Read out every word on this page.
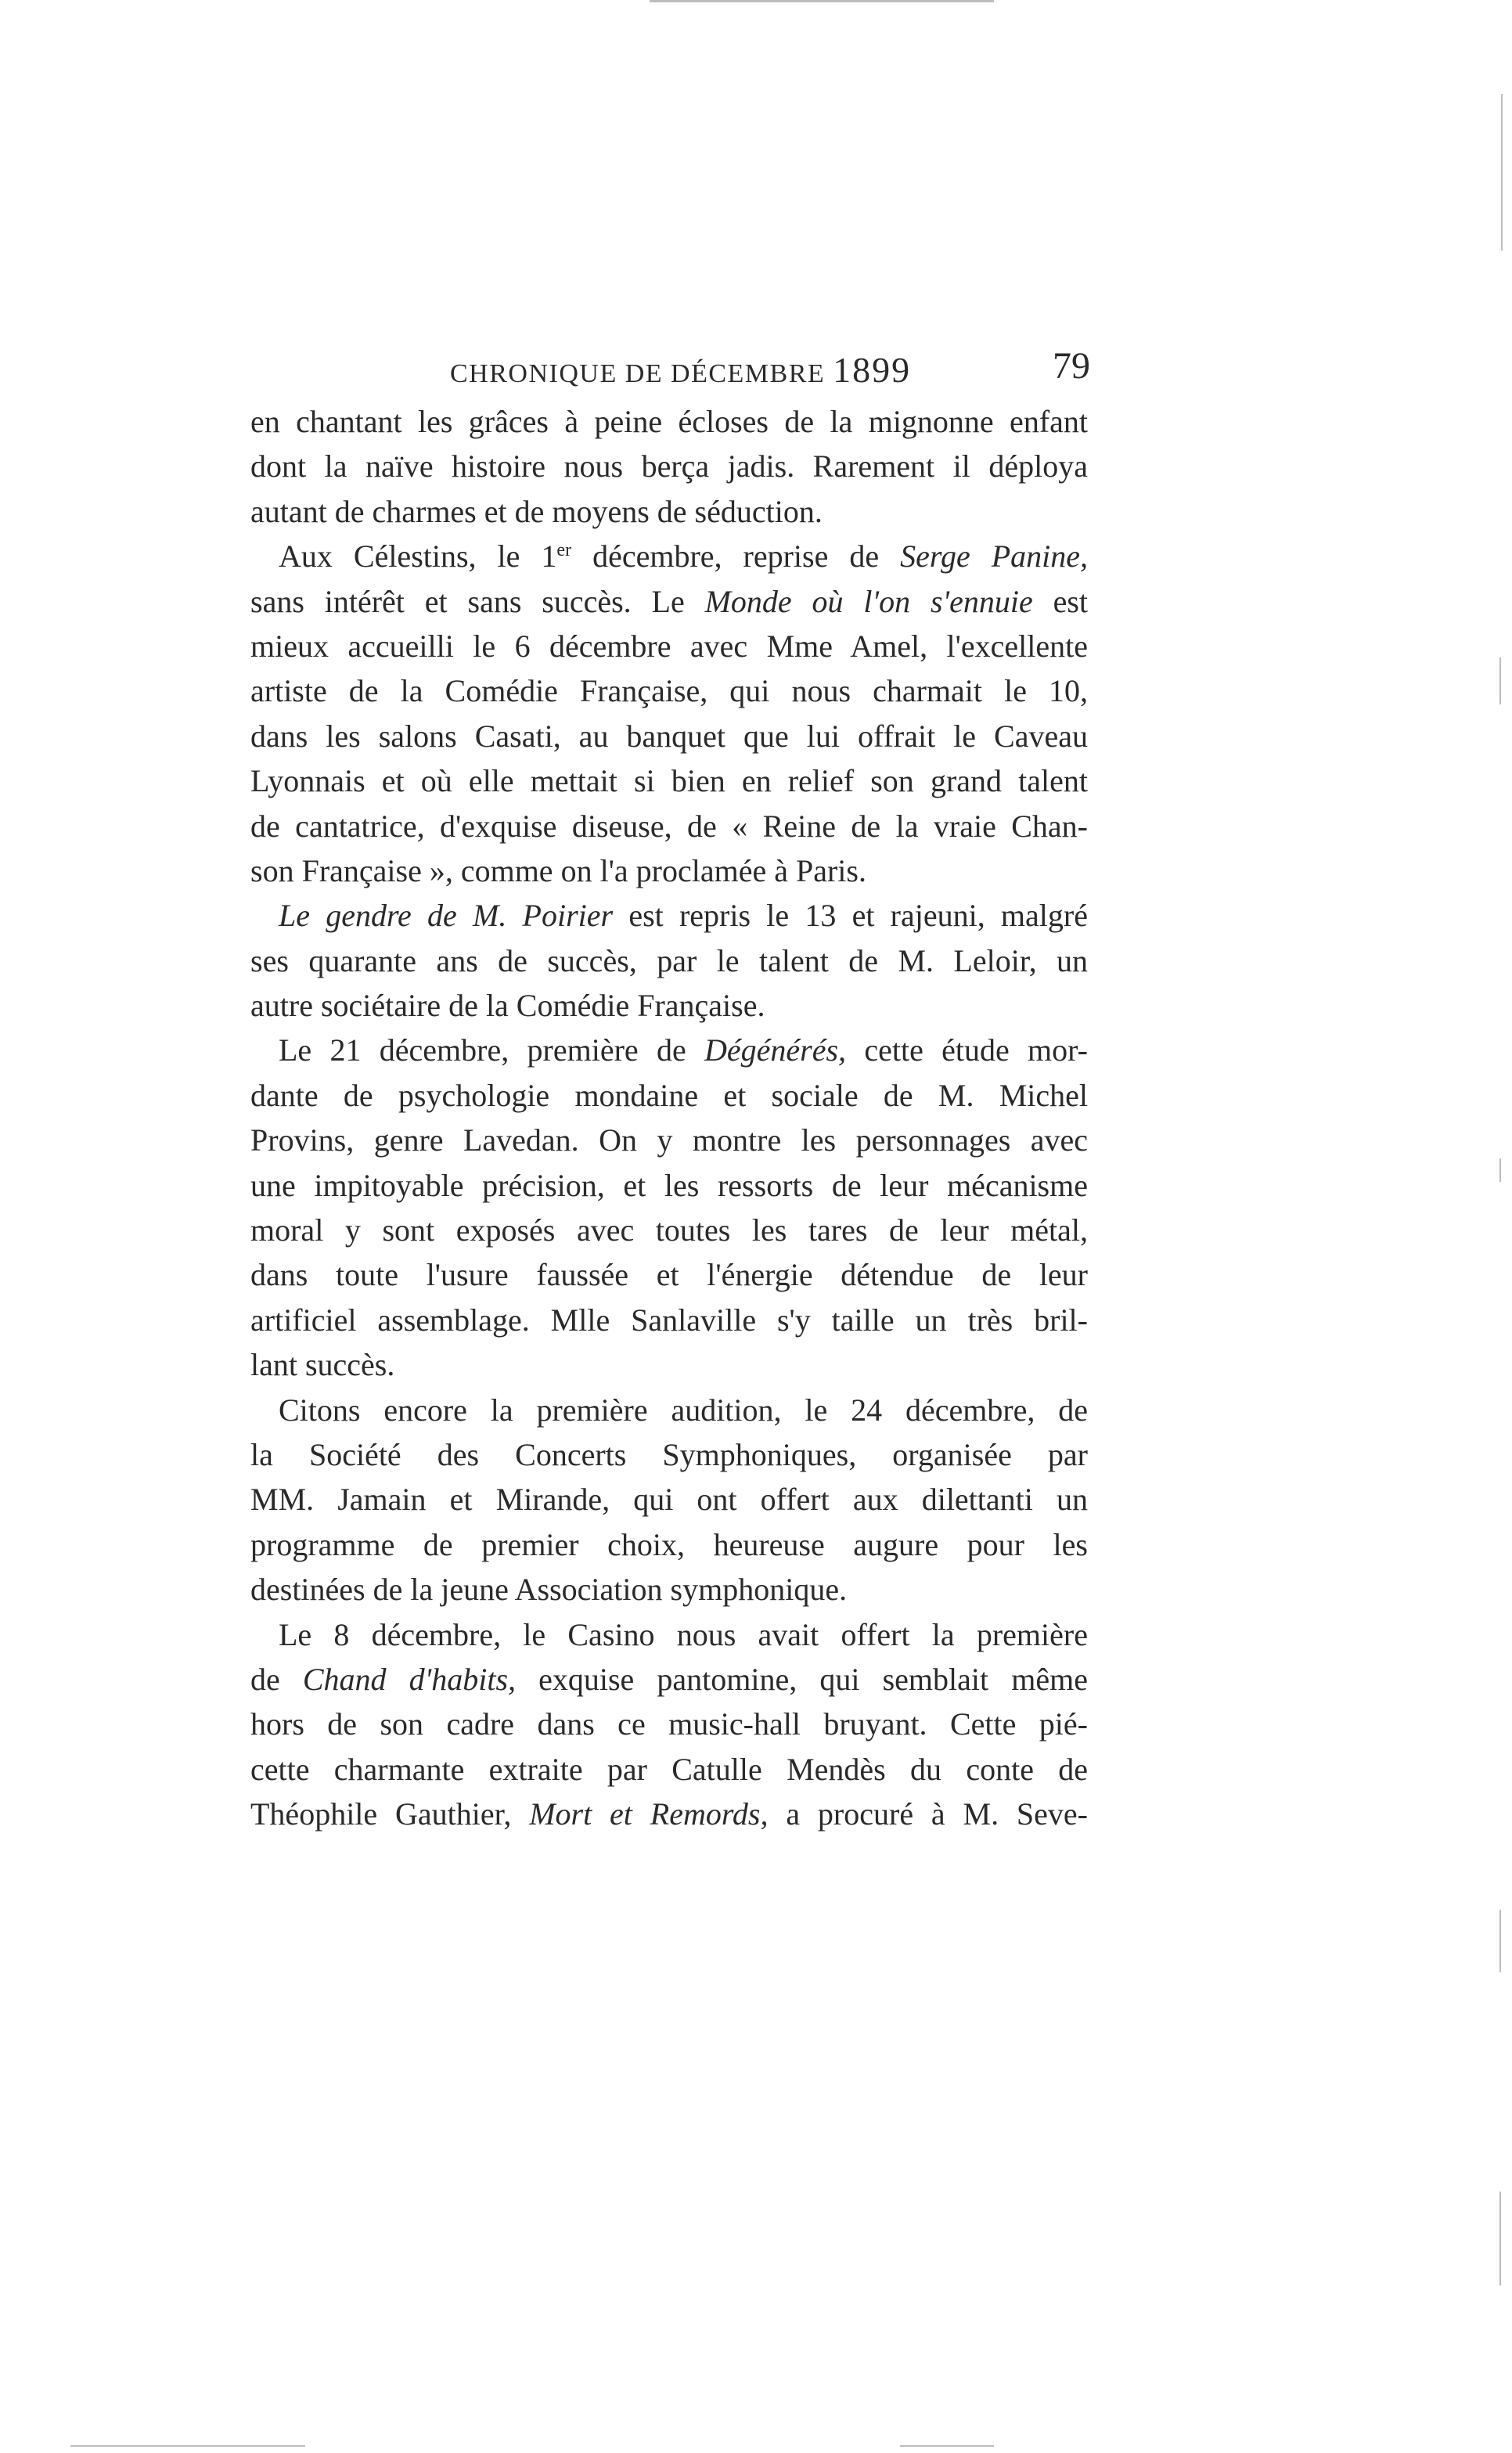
CHRONIQUE DE DÉCEMBRE 1899	79
en chantant les grâces à peine écloses de la mignonne enfant
dont la naïve histoire nous berça jadis. Rarement il déploya
autant de charmes et de moyens de séduction.
Aux Célestins, le 1er décembre, reprise de Serge Panine,
sans intérêt et sans succès. Le Monde où l'on s'ennuie est
mieux accueilli le 6 décembre avec Mme Amel, l'excellente
artiste de la Comédie Française, qui nous charmait le 10,
dans les salons Casati, au banquet que lui offrait le Caveau
Lyonnais et où elle mettait si bien en relief son grand talent
de cantatrice, d'exquise diseuse, de « Reine de la vraie Chan-
son Française », comme on l'a proclamée à Paris.
Le gendre de M. Poirier est repris le 13 et rajeuni, malgré
ses quarante ans de succès, par le talent de M. Leloir, un
autre sociétaire de la Comédie Française.
Le 21 décembre, première de Dégénérés, cette étude mor-
dante de psychologie mondaine et sociale de M. Michel
Provins, genre Lavedan. On y montre les personnages avec
une impitoyable précision, et les ressorts de leur mécanisme
moral y sont exposés avec toutes les tares de leur métal,
dans toute l'usure faussée et l'énergie détendue de leur
artificiel assemblage. Mlle Sanlaville s'y taille un très bril-
lant succès.
Citons encore la première audition, le 24 décembre, de
la Société des Concerts Symphoniques, organisée par
MM. Jamain et Mirande, qui ont offert aux dilettanti un
programme de premier choix, heureuse augure pour les
destinées de la jeune Association symphonique.
Le 8 décembre, le Casino nous avait offert la première
de Chand d'habits, exquise pantomine, qui semblait même
hors de son cadre dans ce music-hall bruyant. Cette pié-
cette charmante extraite par Catulle Mendès du conte de
Théophile Gauthier, Mort et Remords, a procuré à M. Seve-
